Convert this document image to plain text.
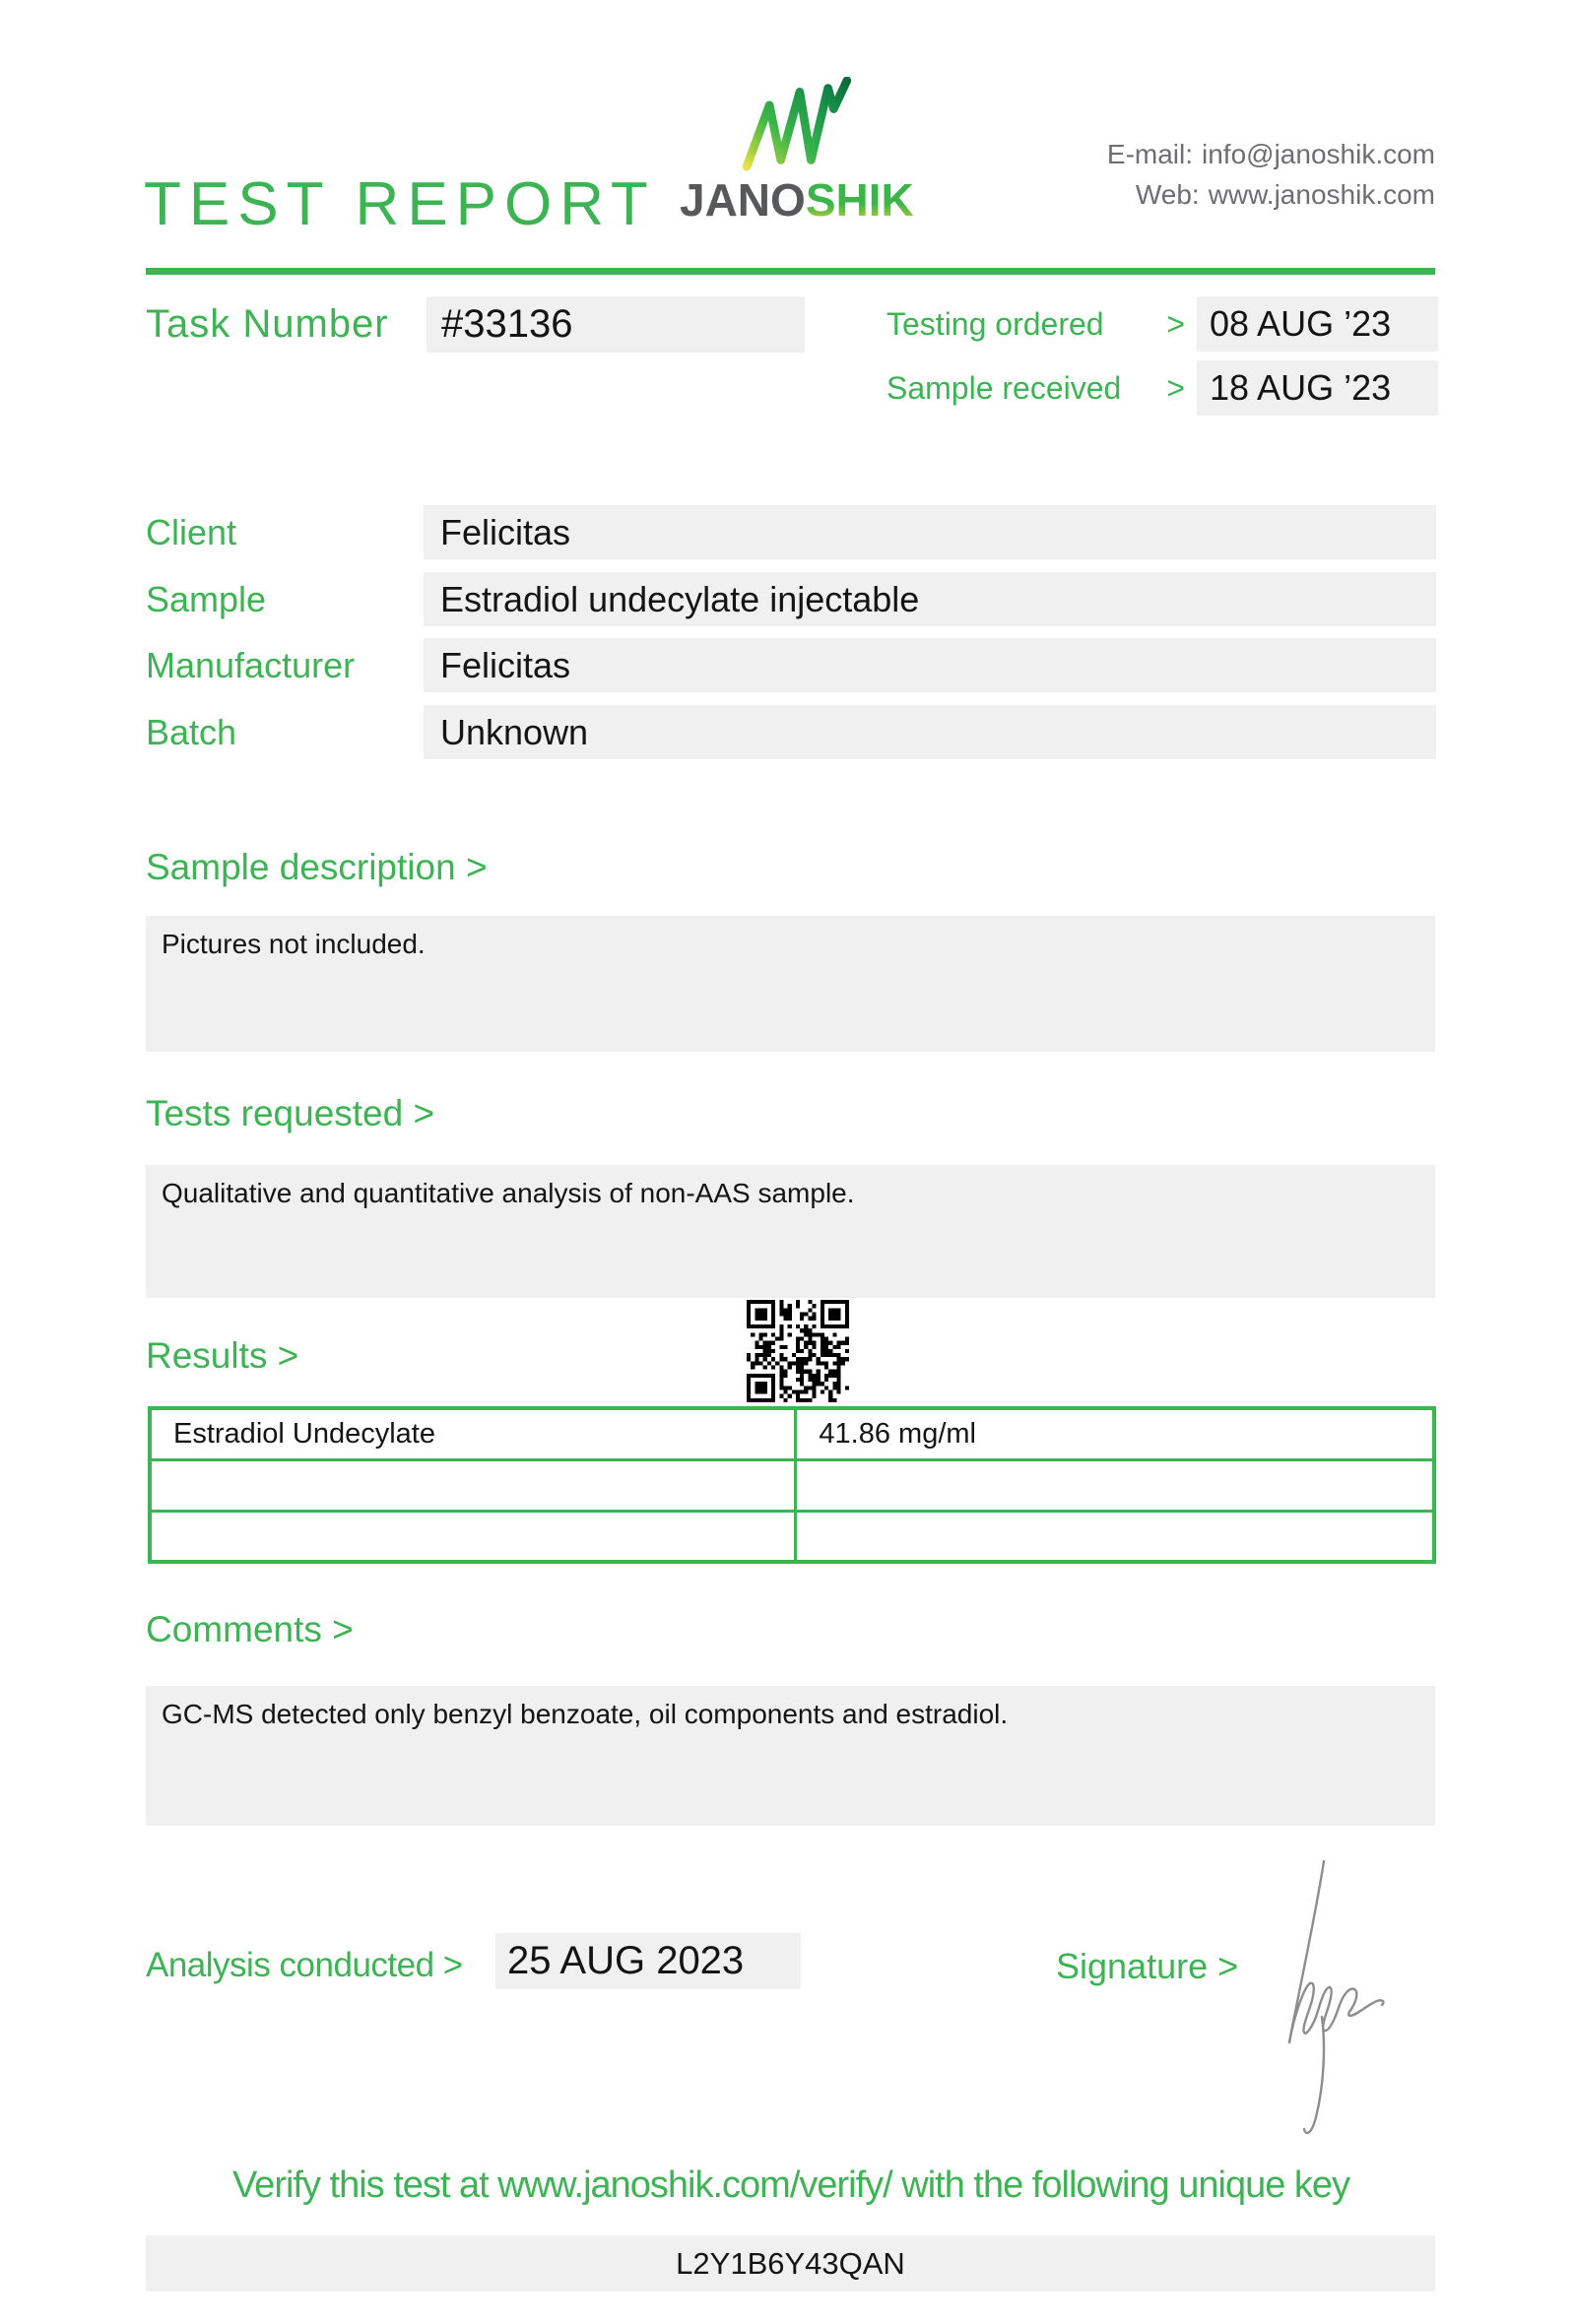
TEST REPORT JANOSHIK
E-mail: info@janoshik.com
Web: www.janoshik.com
Task Number	#33136	Testing ordered	> 08 AUG ’23
Sample received	> 18 AUG ’23
Client	Felicitas
Sample	Estradiol undecylate injectable
Manufacturer	Felicitas
Batch	Unknown
Sample description >
Pictures not included.
Tests requested >
Qualitative and quantitative analysis of non-AAS sample.
Results >
Estradiol Undecylate	41.86 mg/ml

Comments >
GC-MS detected only benzyl benzoate, oil components and estradiol.
Analysis conducted >	25 AUG 2023	Signature >
Verify this test at www.janoshik.com/verify/ with the following unique key
L2Y1B6Y43QAN
